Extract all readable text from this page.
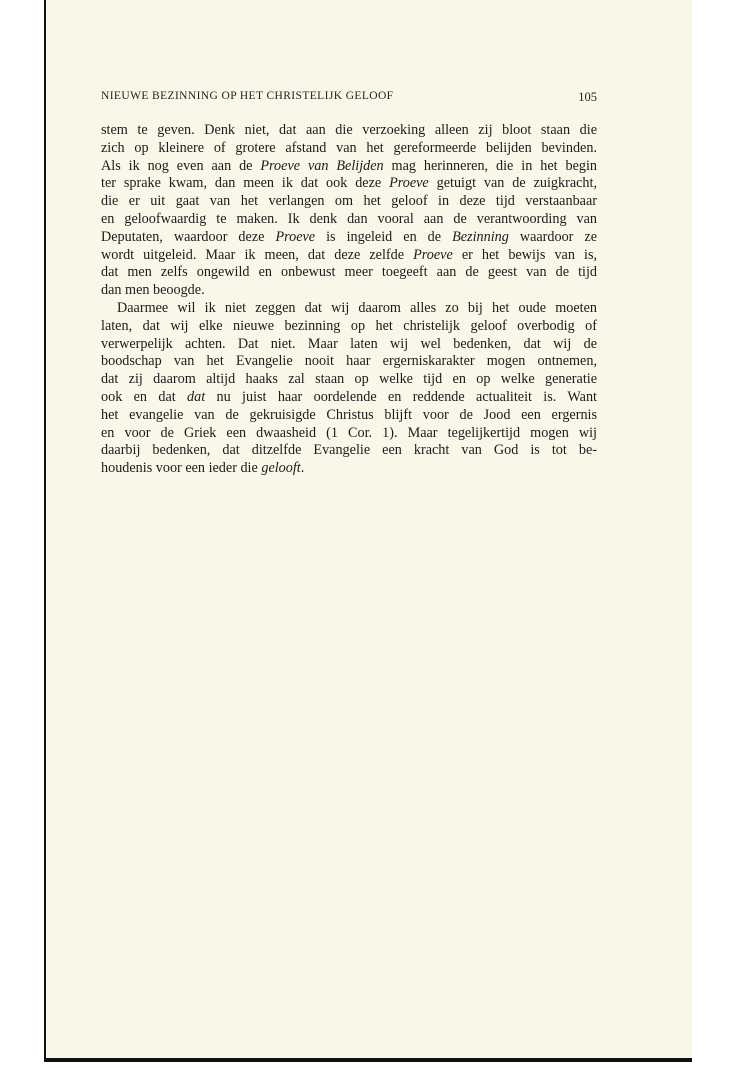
NIEUWE BEZINNING OP HET CHRISTELIJK GELOOF	105
stem te geven. Denk niet, dat aan die verzoeking alleen zij bloot staan die
zich op kleinere of grotere afstand van het gereformeerde belijden bevinden.
Als ik nog even aan de Proeve van Belijden mag herinneren, die in het begin
ter sprake kwam, dan meen ik dat ook deze Proeve getuigt van de zuigkracht,
die er uit gaat van het verlangen om het geloof in deze tijd verstaanbaar
en geloofwaardig te maken. Ik denk dan vooral aan de verantwoording van
Deputaten, waardoor deze Proeve is ingeleid en de Bezinning waardoor ze
wordt uitgeleid. Maar ik meen, dat deze zelfde Proeve er het bewijs van is,
dat men zelfs ongewild en onbewust meer toegeeft aan de geest van de tijd
dan men beoogde.
Daarmee wil ik niet zeggen dat wij daarom alles zo bij het oude moeten
laten, dat wij elke nieuwe bezinning op het christelijk geloof overbodig of
verwerpelijk achten. Dat niet. Maar laten wij wel bedenken, dat wij de
boodschap van het Evangelie nooit haar ergerniskarakter mogen ontnemen,
dat zij daarom altijd haaks zal staan op welke tijd en op welke generatie
ook en dat dat nu juist haar oordelende en reddende actualiteit is. Want
het evangelie van de gekruisigde Christus blijft voor de Jood een ergernis
en voor de Griek een dwaasheid (1 Cor. 1). Maar tegelijkertijd mogen wij
daarbij bedenken, dat ditzelfde Evangelie een kracht van God is tot be-
houdenis voor een ieder die gelooft.
